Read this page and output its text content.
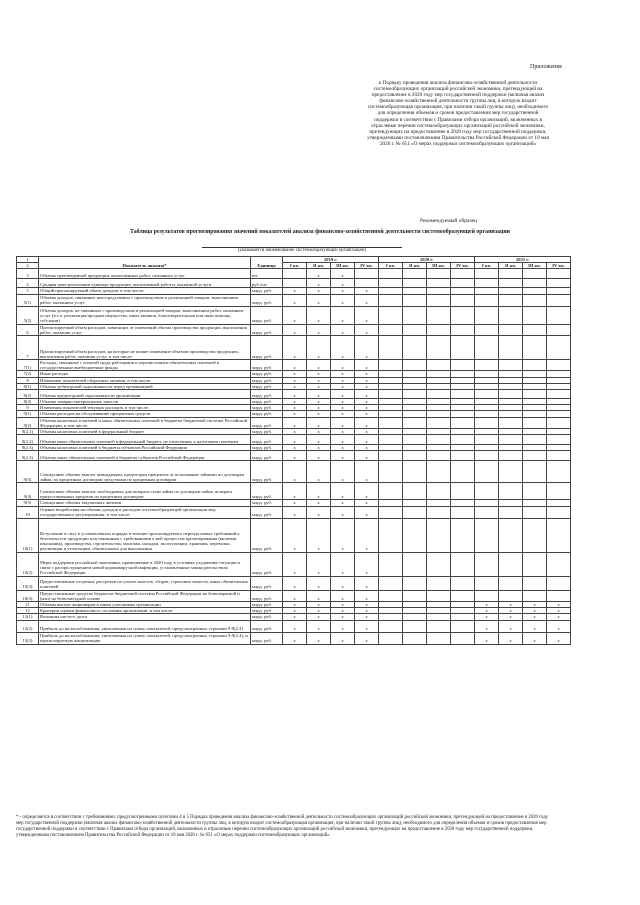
Приложение
к Порядку проведения анализа финансово-хозяйственной деятельности системообразующих организаций российской экономики, претендующей на предоставление в 2020 году мер государственной поддержки (включая анализ финансово-хозяйственной деятельности группы лиц, в которую входит системообразующая организация, при наличии такой группы лиц), необходимого для определения объемов и сроков предоставления мер государственной поддержки в соответствии с Правилами отбора организаций, включенных в отраслевые перечни системообразующих организаций российской экономики, претендующих на предоставление в 2020 году мер государственной поддержки, утвержденными постановлением Правительства Российской Федерации от 10 мая 2020 г. № 651 «О мерах поддержки системообразующих организаций»
Рекомендуемый образец
Таблица результатов прогнозирования значений показателей анализа финансово-хозяйственной деятельности системообразующей организации
(указывается наименование системообразующей организации)
1	Показатель анализа*	Единица	2019 г.				2020 г.				2021 г.			
2			I кв.	II кв.	III кв.	IV кв.	I кв.	II кв.	III кв.	IV кв.	I кв.	II кв.	III кв.	IV кв.
3	Объемы произведенной продукции, выполненных работ, оказанных услуг	шт.		x	x									
4	Средняя цена реализации единицы продукции, выполненной работы, оказанной услуги	руб./шт.		x	x									
5	Общий прогнозируемый объем доходов, в том числе:	млрд. руб.	x	x	x	x								
5(1)	Объемы доходов, связанных непосредственно с производством и реализацией товаров, выполнением работ, оказанием услуг	млрд. руб.	x	x	x	x								
5(2)	Объемы доходов, не связанных с производством и реализацией товаров, выполнением работ, оказанием услуг (в т.ч. реализация/продажа имущества, иных активов, благотворительная или иная помощь, субсидии)	млрд. руб.	x	x	x	x								
6	Прогнозируемый объем расходов, зависящих от изменений объема производства продукции, выполнения работ, оказания услуг	млрд. руб.	x	x	x	x								
7	Прогнозируемый объем расходов, на которые не влияет изменение объемов производства продукции, выполнения работ, оказания услуг, в том числе:	млрд. руб.	x	x	x	x								
7(1)	Расходы, связанные с оплатой труда работников и перечислением обязательных платежей в государственные внебюджетные фонды	млрд. руб.	x	x	x	x								
7(2)	Иные расходы	млрд. руб.	x	x	x	x								
8	Изменение показателей оборотных активов, в том числе:	млрд. руб.	x	x	x	x								
8(1)	Объемы дебиторской задолженности перед организацией	млрд. руб.	x	x	x	x								
8(2)	Объемы кредиторской задолженности организации	млрд. руб.	x	x	x	x								
8(3)	Объемы товарно-материальных запасов	млрд. руб.	x	x	x	x								
9	Изменения показателей текущих расходов, в том числе:	млрд. руб.	x	x	x	x								
9(1)	Объемы расходов на обслуживание процентных средств	млрд. руб.	x	x	x	x								
9(2)	Объемы налоговых платежей и иных обязательных платежей в бюджеты бюджетной системы Российской Федерации, в том числе:	млрд. руб.	x	x	x	x								
9(2.1)	Объемы налоговых платежей в федеральный бюджет	млрд. руб.	x	x	x	x								
9(2.2)	Объемы иных обязательных платежей в федеральный бюджет, не отнесенных к налоговым платежам	млрд. руб.	x	x	x	x								
9(2.3)	Объемы налоговых платежей в бюджеты субъектов Российской Федерации	млрд. руб.	x	x	x	x								
9(2.4)	Объемы иных обязательных платежей в бюджеты субъектов Российской Федерации	млрд. руб.	x	x	x	x								
9(3)	Совокупные объемы выплат заимодавцам, кредиторам процентов за пользование займами по договорам займа, по кредитным договорам средствами по кредитным договорам	млрд. руб.	x	x	x	x								
9(4)	Совокупные объемы выплат, необходимых для возврата сумм займа по договорам займа, возврата предоставленных кредитов по кредитным договорам	млрд. руб.	x	x	x	x								
9(5)	Совокупные объемы закупаемых активов	млрд. руб.	x	x	x	x								
10	Оценка воздействия на объемы доходов и расходов системообразующей организации мер государственного регулирования, в том числе:	млрд. руб.	x	x	x	x								
10(1)	Вступление в силу в установленном порядке в течение прогнозируемого периода новых требований к безопасности продукции или связанным с требованиями к ней процессам проектирования (включая изыскания), производства, строительства, монтажа, наладки, эксплуатации, хранения, перевозки, реализации и утилизации, обязательных для выполнения	млрд. руб.	x	x	x	x								
10(2)	Меры поддержки российской экономики, применяемые в 2020 году в условиях ухудшения ситуации в связи с распространением новой коронавирусной инфекции, установленные законодательством Российской Федерации	млрд. руб.	x	x	x	x								
10(3)	Предоставленные отсрочки, рассрочки по уплате налогов, сборов, страховых взносов, иных обязательных платежей	млрд. руб.	x	x	x	x								
10(4)	Предоставленные средства бюджетов бюджетной системы Российской Федерации на безвозвратной и (или) на безвозмездной основе	млрд. руб.	x	x	x	x								
11	Объемы выплат акционерам и иным участникам организации	млрд. руб.	x	x	x	x					x	x	x	x
12	Критерии оценки финансового состояния организации, в том числе:	млрд. руб.	x	x	x	x					x	x	x	x
12(1)	Величина чистого долга	млрд. руб.	x	x	x	x					x	x	x	x
12(2)	Прибыль до налогообложения, увеличенная на сумму показателей, предусмотренных строками 9-9(2.4)	млрд. руб.	x	x	x	x					x	x	x	x
12(3)	Прибыль до налогообложения, увеличенная на сумму показателей, предусмотренных строками 9-9(2.4), и прогнозируемую амортизацию	млрд. руб.	x	x	x	x					x	x	x	x
* - определяется в соответствии с требованиями, предусмотренными пунктами 4 и 5 Порядка проведения анализа финансово-хозяйственной деятельности системообразующих организаций российской экономики, претендующей на предоставление в 2020 году мер государственной поддержки (включая анализ финансово-хозяйственной деятельности группы лиц, в которую входит системообразующая организация, при наличии такой группы лиц), необходимого для определения объемов и сроков предоставления мер государственной поддержки в соответствии с Правилами отбора организаций, включенных в отраслевые перечни системообразующих организаций российской экономики, претендующих на предоставление в 2020 году мер государственной поддержки, утвержденными постановлением Правительства Российской Федерации от 10 мая 2020 г. № 651 «О мерах поддержки системообразующих организаций»
